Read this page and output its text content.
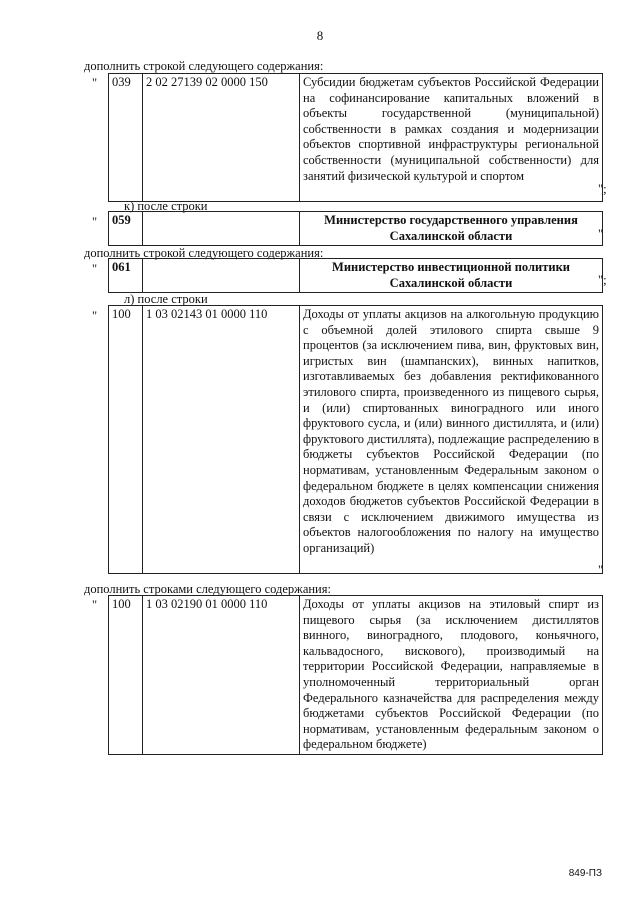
8
дополнить строкой следующего содержания:
" 039	2 02 27139 02 0000 150	Субсидии бюджетам субъектов Российской Федерации на софинансирование капитальных вложений в объекты государственной (муниципальной) собственности в рамках создания и модернизации объектов спортивной инфраструктуры региональной собственности (муниципальной собственности) для занятий физической культурой и спортом
";
к) после строки
" 059		Министерство государственного управления Сахалинской области	"
дополнить строкой следующего содержания:
" 061		Министерство инвестиционной политики Сахалинской области	";
л) после строки
" 100	1 03 02143 01 0000 110	Доходы от уплаты акцизов на алкогольную продукцию с объемной долей этилового спирта свыше 9 процентов (за исключением пива, вин, фруктовых вин, игристых вин (шампанских), винных напитков, изготавливаемых без добавления ректификованного этилового спирта, произведенного из пищевого сырья, и (или) спиртованных виноградного или иного фруктового сусла, и (или) винного дистиллята, и (или) фруктового дистиллята), подлежащие распределению в бюджеты субъектов Российской Федерации (по нормативам, установленным Федеральным законом о федеральном бюджете в целях компенсации снижения доходов бюджетов субъектов Российской Федерации в связи с исключением движимого имущества из объектов налогообложения по налогу на имущество организаций)
"
дополнить строками следующего содержания:
" 100	1 03 02190 01 0000 110	Доходы от уплаты акцизов на этиловый спирт из пищевого сырья (за исключением дистиллятов винного, виноградного, плодового, коньячного, кальвадосного, вискового), производимый на территории Российской Федерации, направляемые в уполномоченный территориальный орган Федерального казначейства для распределения между бюджетами субъектов Российской Федерации (по нормативам, установленным федеральным законом о федеральном бюджете)
849-ПЗ
